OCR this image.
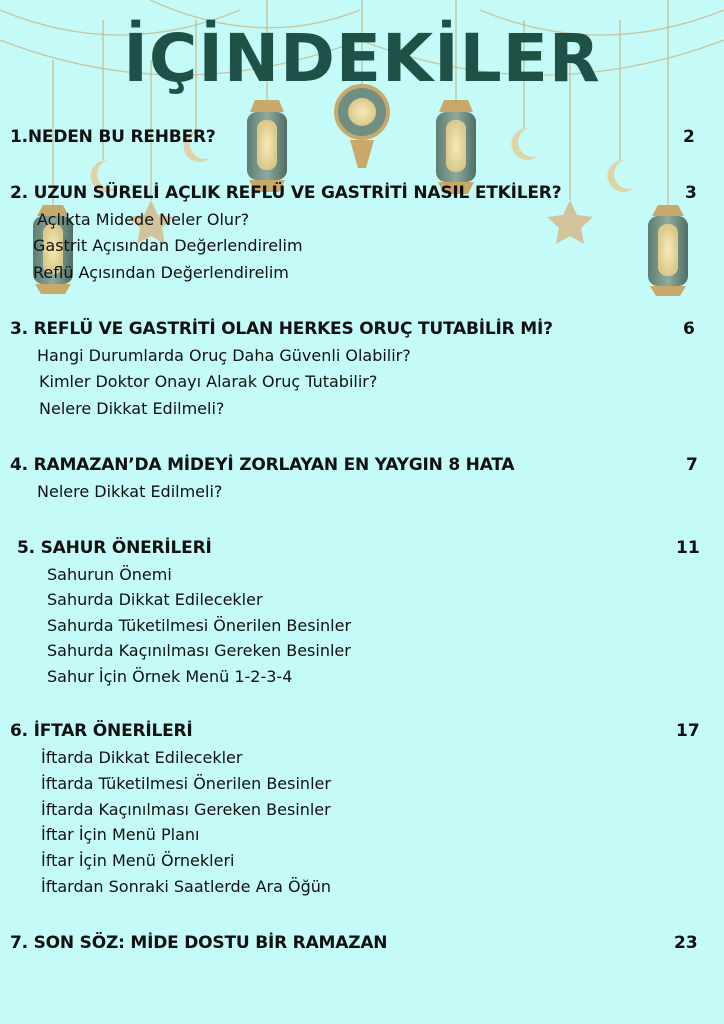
İÇİNDEKİLER
1.NEDEN BU REHBER?	2
2. UZUN SÜRELİ AÇLIK REFLÜ VE GASTRİTİ NASIL ETKİLER?	3
Açlıkta Midede Neler Olur?
Gastrit Açısından Değerlendirelim
Reflü Açısından Değerlendirelim
3. REFLÜ VE GASTRİTİ OLAN HERKES ORUÇ TUTABİLİR Mİ?	6
Hangi Durumlarda Oruç Daha Güvenli Olabilir?
Kimler Doktor Onayı Alarak Oruç Tutabilir?
Nelere Dikkat Edilmeli?
4. RAMAZAN’DA MİDEYİ ZORLAYAN EN YAYGIN 8 HATA	7
Nelere Dikkat Edilmeli?
5. SAHUR ÖNERİLERİ	11
Sahurun Önemi
Sahurda Dikkat Edilecekler
Sahurda Tüketilmesi Önerilen Besinler
Sahurda Kaçınılması Gereken Besinler
Sahur İçin Örnek Menü 1-2-3-4
6. İFTAR ÖNERİLERİ	17
İftarda Dikkat Edilecekler
İftarda Tüketilmesi Önerilen Besinler
İftarda Kaçınılması Gereken Besinler
İftar İçin Menü Planı
İftar İçin Menü Örnekleri
İftardan Sonraki Saatlerde Ara Öğün
7. SON SÖZ: MİDE DOSTU BİR RAMAZAN	23
